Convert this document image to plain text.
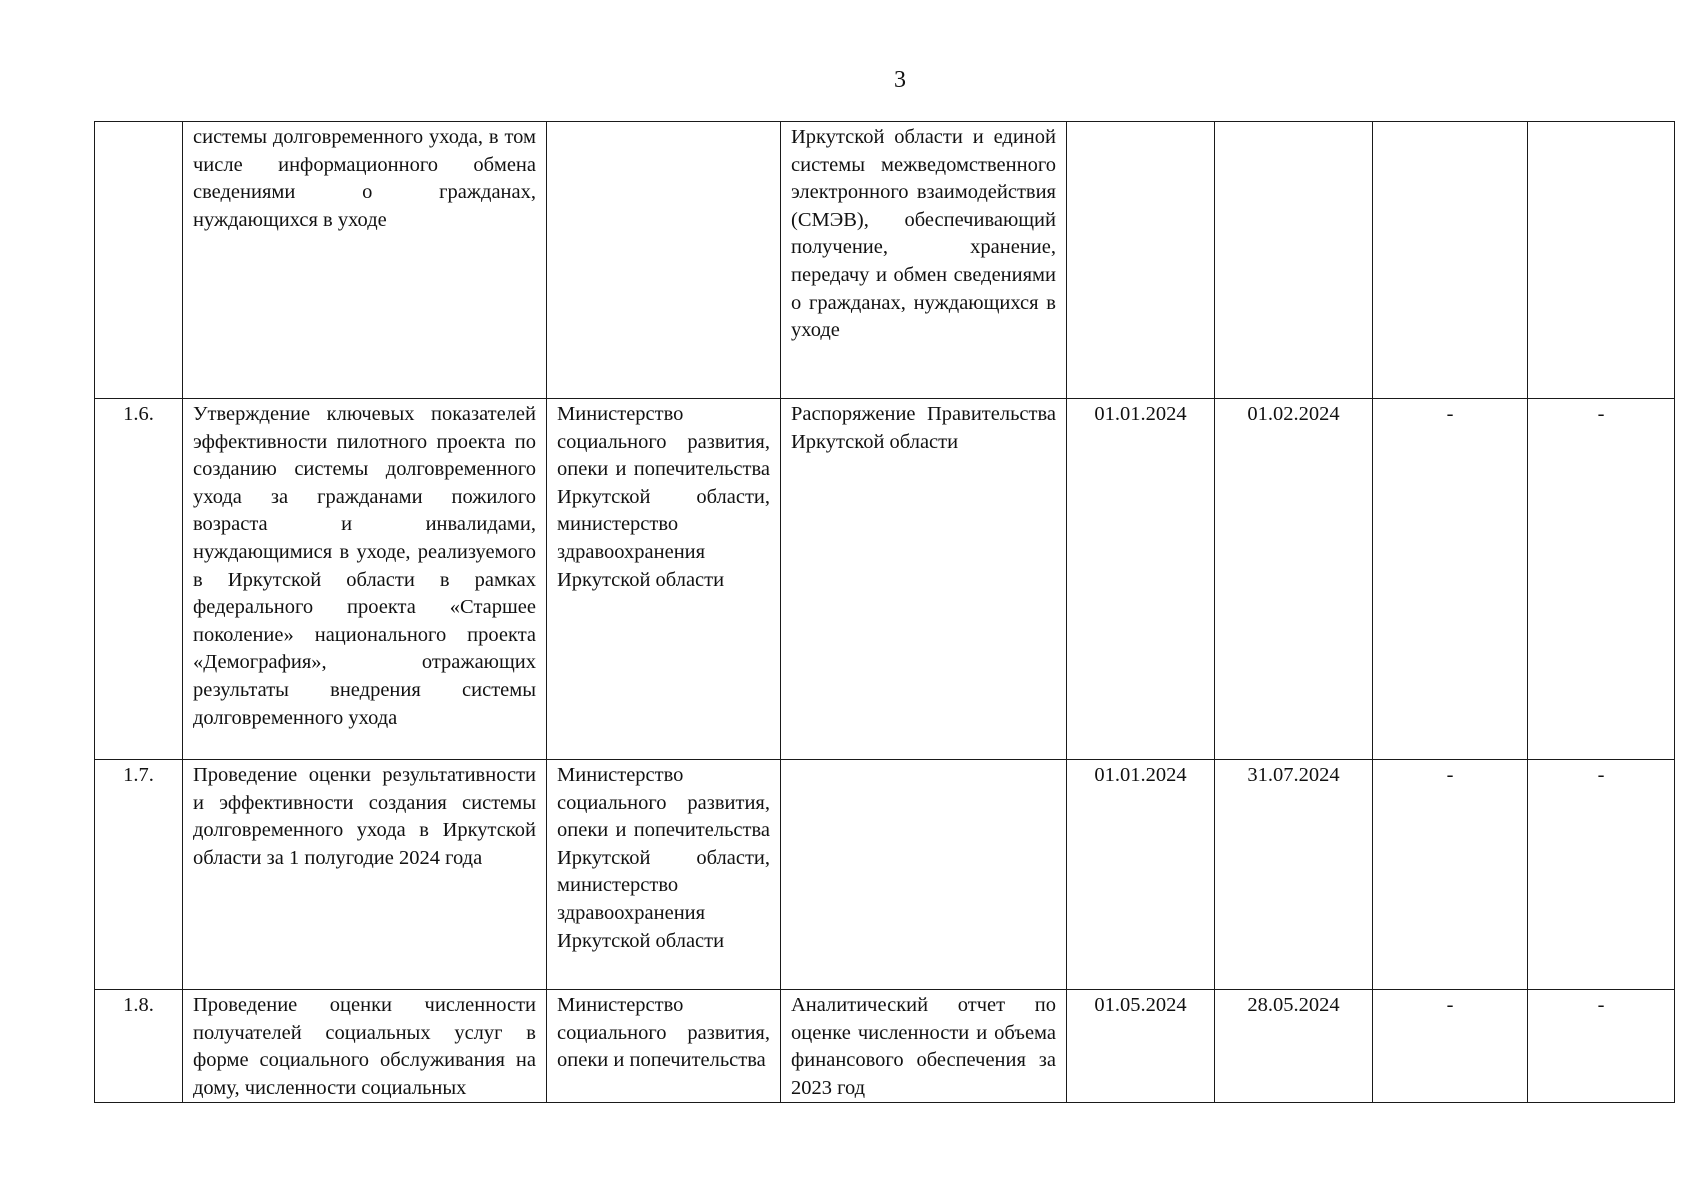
3

	системы долговременного ухода, в том числе информационного обмена сведениями о гражданах, нуждающихся в уходе		Иркутской области и единой системы межведомственного электронного взаимодействия (СМЭВ), обеспечивающий получение, хранение, передачу и обмен сведениями о гражданах, нуждающихся в уходе				

1.6.	Утверждение ключевых показателей эффективности пилотного проекта по созданию системы долговременного ухода за гражданами пожилого возраста и инвалидами, нуждающимися в уходе, реализуемого в Иркутской области в рамках федерального проекта «Старшее поколение» национального проекта «Демография», отражающих результаты внедрения системы долговременного ухода	Министерство социального развития, опеки и попечительства Иркутской области, министерство здравоохранения Иркутской области	Распоряжение Правительства Иркутской области	01.01.2024	01.02.2024	-	-

1.7.	Проведение оценки результативности и эффективности создания системы долговременного ухода в Иркутской области за 1 полугодие 2024 года	Министерство социального развития, опеки и попечительства Иркутской области, министерство здравоохранения Иркутской области		01.01.2024	31.07.2024	-	-

1.8.	Проведение оценки численности получателей социальных услуг в форме социального обслуживания на дому, численности социальных	Министерство социального развития, опеки и попечительства	Аналитический отчет по оценке численности и объема финансового обеспечения за 2023 год	01.05.2024	28.05.2024	-	-
